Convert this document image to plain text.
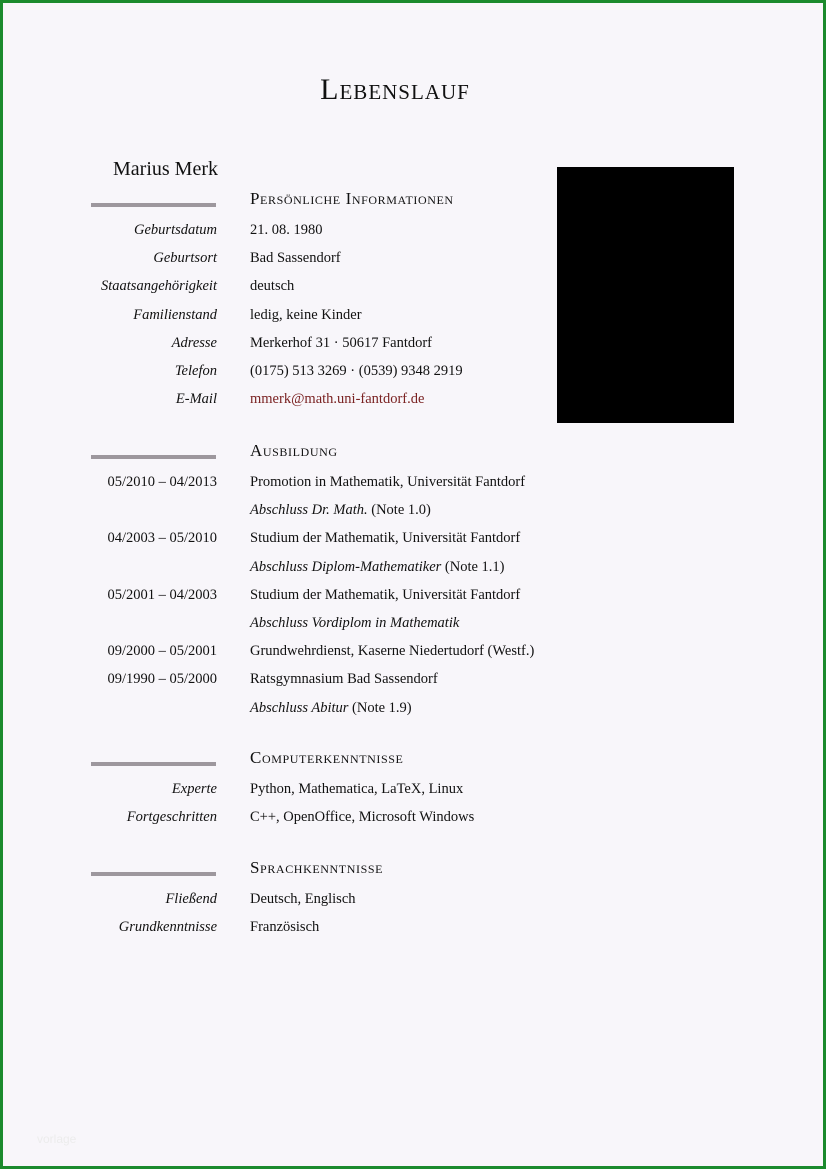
Lebenslauf
Marius Merk
Persönliche Informationen
Geburtsdatum 21. 08. 1980
Geburtsort Bad Sassendorf
Staatsangehörigkeit deutsch
Familienstand ledig, keine Kinder
Adresse Merkerhof 31 · 50617 Fantdorf
Telefon (0175) 513 3269 · (0539) 9348 2919
E-Mail mmerk@math.uni-fantdorf.de
Ausbildung
05/2010 – 04/2013 Promotion in Mathematik, Universität Fantdorf
Abschluss Dr. Math. (Note 1.0)
04/2003 – 05/2010 Studium der Mathematik, Universität Fantdorf
Abschluss Diplom-Mathematiker (Note 1.1)
05/2001 – 04/2003 Studium der Mathematik, Universität Fantdorf
Abschluss Vordiplom in Mathematik
09/2000 – 05/2001 Grundwehrdienst, Kaserne Niedertudorf (Westf.)
09/1990 – 05/2000 Ratsgymnasium Bad Sassendorf
Abschluss Abitur (Note 1.9)
Computerkenntnisse
Experte Python, Mathematica, LaTeX, Linux
Fortgeschritten C++, OpenOffice, Microsoft Windows
Sprachkenntnisse
Fließend Deutsch, Englisch
Grundkenntnisse Französisch
vorlage
